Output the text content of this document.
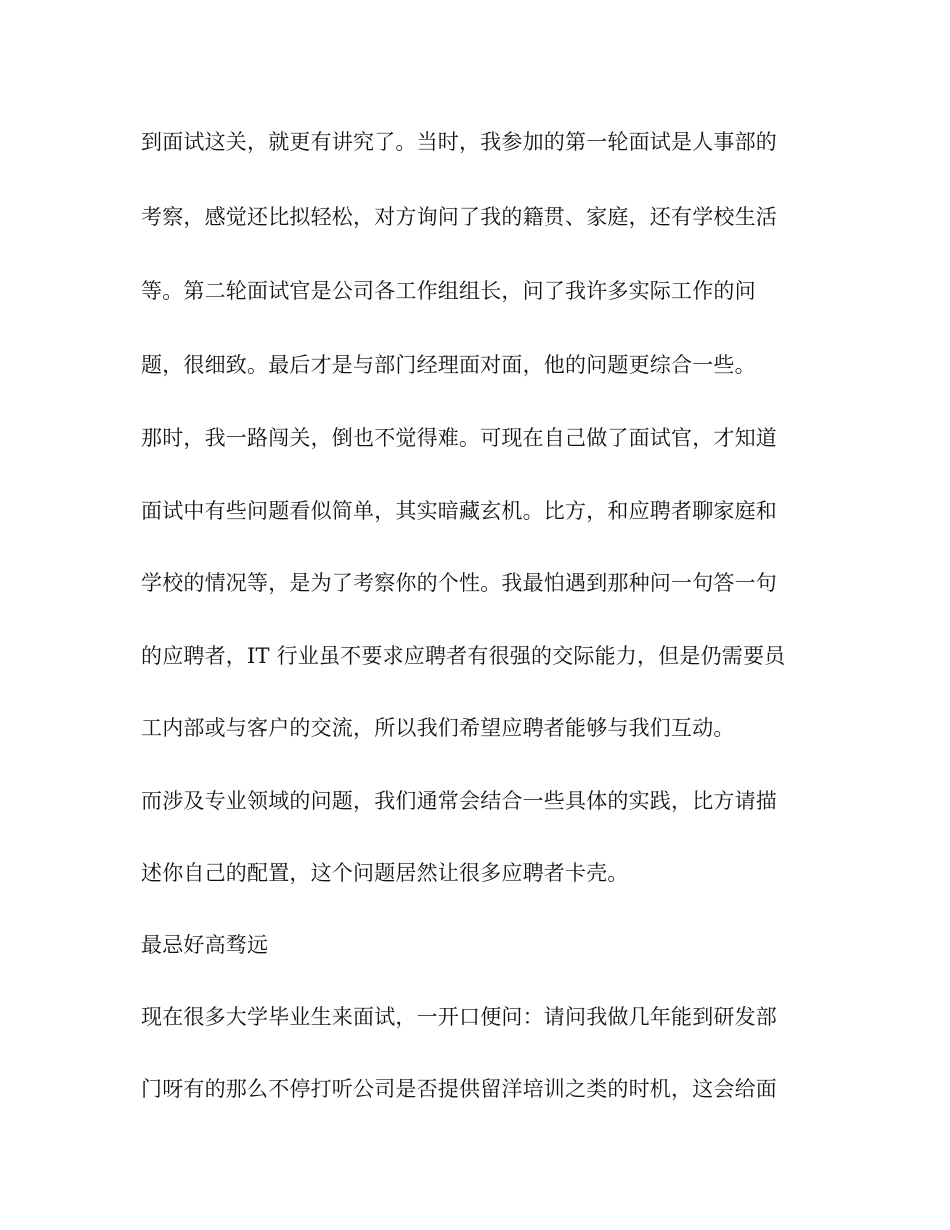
到面试这关，就更有讲究了。当时，我参加的第一轮面试是人事部的
考察，感觉还比拟轻松，对方询问了我的籍贯、家庭，还有学校生活
等。第二轮面试官是公司各工作组组长，问了我许多实际工作的问
题，很细致。最后才是与部门经理面对面，他的问题更综合一些。
那时，我一路闯关，倒也不觉得难。可现在自己做了面试官，才知道
面试中有些问题看似简单，其实暗藏玄机。比方，和应聘者聊家庭和
学校的情况等，是为了考察你的个性。我最怕遇到那种问一句答一句
的应聘者，IT 行业虽不要求应聘者有很强的交际能力，但是仍需要员
工内部或与客户的交流，所以我们希望应聘者能够与我们互动。
而涉及专业领域的问题，我们通常会结合一些具体的实践，比方请描
述你自己的配置，这个问题居然让很多应聘者卡壳。
最忌好高骛远
现在很多大学毕业生来面试，一开口便问：请问我做几年能到研发部
门呀有的那么不停打听公司是否提供留洋培训之类的时机，这会给面
